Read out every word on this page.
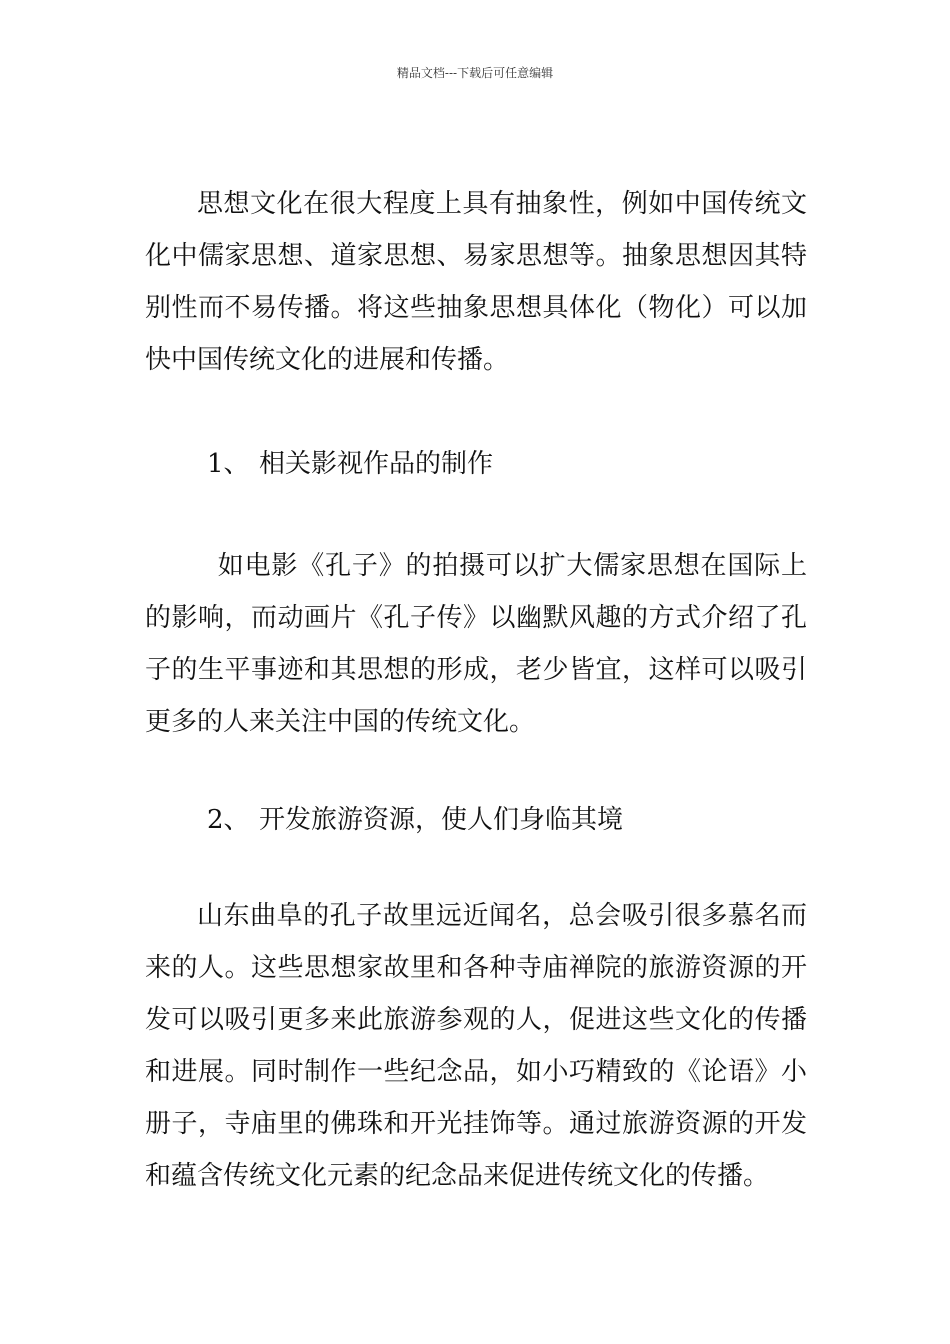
精品文档---下载后可任意编辑

思想文化在很大程度上具有抽象性，例如中国传统文化中儒家思想、道家思想、易家思想等。抽象思想因其特别性而不易传播。将这些抽象思想具体化（物化）可以加快中国传统文化的进展和传播。

1、 相关影视作品的制作

如电影《孔子》的拍摄可以扩大儒家思想在国际上的影响，而动画片《孔子传》以幽默风趣的方式介绍了孔子的生平事迹和其思想的形成，老少皆宜，这样可以吸引更多的人来关注中国的传统文化。

2、 开发旅游资源，使人们身临其境

山东曲阜的孔子故里远近闻名，总会吸引很多慕名而来的人。这些思想家故里和各种寺庙禅院的旅游资源的开发可以吸引更多来此旅游参观的人，促进这些文化的传播和进展。同时制作一些纪念品，如小巧精致的《论语》小册子，寺庙里的佛珠和开光挂饰等。通过旅游资源的开发和蕴含传统文化元素的纪念品来促进传统文化的传播。
